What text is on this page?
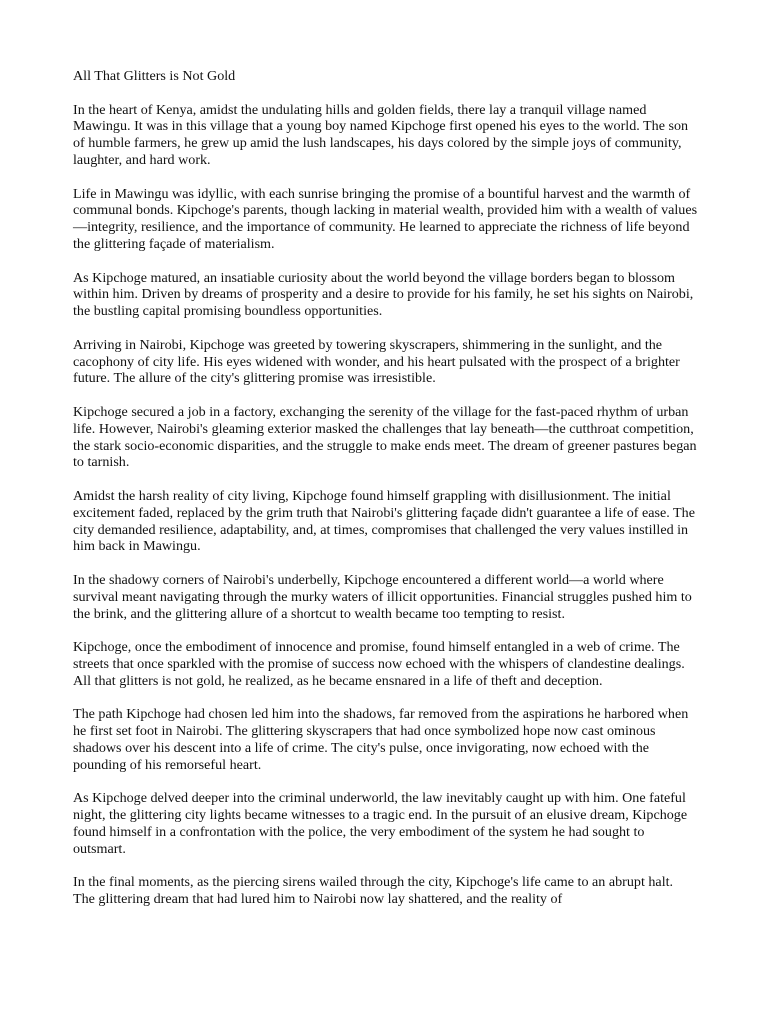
All That Glitters is Not Gold

In the heart of Kenya, amidst the undulating hills and golden fields, there lay a tranquil village named Mawingu. It was in this village that a young boy named Kipchoge first opened his eyes to the world. The son of humble farmers, he grew up amid the lush landscapes, his days colored by the simple joys of community, laughter, and hard work.

Life in Mawingu was idyllic, with each sunrise bringing the promise of a bountiful harvest and the warmth of communal bonds. Kipchoge's parents, though lacking in material wealth, provided him with a wealth of values—integrity, resilience, and the importance of community. He learned to appreciate the richness of life beyond the glittering façade of materialism.

As Kipchoge matured, an insatiable curiosity about the world beyond the village borders began to blossom within him. Driven by dreams of prosperity and a desire to provide for his family, he set his sights on Nairobi, the bustling capital promising boundless opportunities.

Arriving in Nairobi, Kipchoge was greeted by towering skyscrapers, shimmering in the sunlight, and the cacophony of city life. His eyes widened with wonder, and his heart pulsated with the prospect of a brighter future. The allure of the city's glittering promise was irresistible.

Kipchoge secured a job in a factory, exchanging the serenity of the village for the fast-paced rhythm of urban life. However, Nairobi's gleaming exterior masked the challenges that lay beneath—the cutthroat competition, the stark socio-economic disparities, and the struggle to make ends meet. The dream of greener pastures began to tarnish.

Amidst the harsh reality of city living, Kipchoge found himself grappling with disillusionment. The initial excitement faded, replaced by the grim truth that Nairobi's glittering façade didn't guarantee a life of ease. The city demanded resilience, adaptability, and, at times, compromises that challenged the very values instilled in him back in Mawingu.

In the shadowy corners of Nairobi's underbelly, Kipchoge encountered a different world—a world where survival meant navigating through the murky waters of illicit opportunities. Financial struggles pushed him to the brink, and the glittering allure of a shortcut to wealth became too tempting to resist.

Kipchoge, once the embodiment of innocence and promise, found himself entangled in a web of crime. The streets that once sparkled with the promise of success now echoed with the whispers of clandestine dealings. All that glitters is not gold, he realized, as he became ensnared in a life of theft and deception.

The path Kipchoge had chosen led him into the shadows, far removed from the aspirations he harbored when he first set foot in Nairobi. The glittering skyscrapers that had once symbolized hope now cast ominous shadows over his descent into a life of crime. The city's pulse, once invigorating, now echoed with the pounding of his remorseful heart.

As Kipchoge delved deeper into the criminal underworld, the law inevitably caught up with him. One fateful night, the glittering city lights became witnesses to a tragic end. In the pursuit of an elusive dream, Kipchoge found himself in a confrontation with the police, the very embodiment of the system he had sought to outsmart.

In the final moments, as the piercing sirens wailed through the city, Kipchoge's life came to an abrupt halt. The glittering dream that had lured him to Nairobi now lay shattered, and the reality of
